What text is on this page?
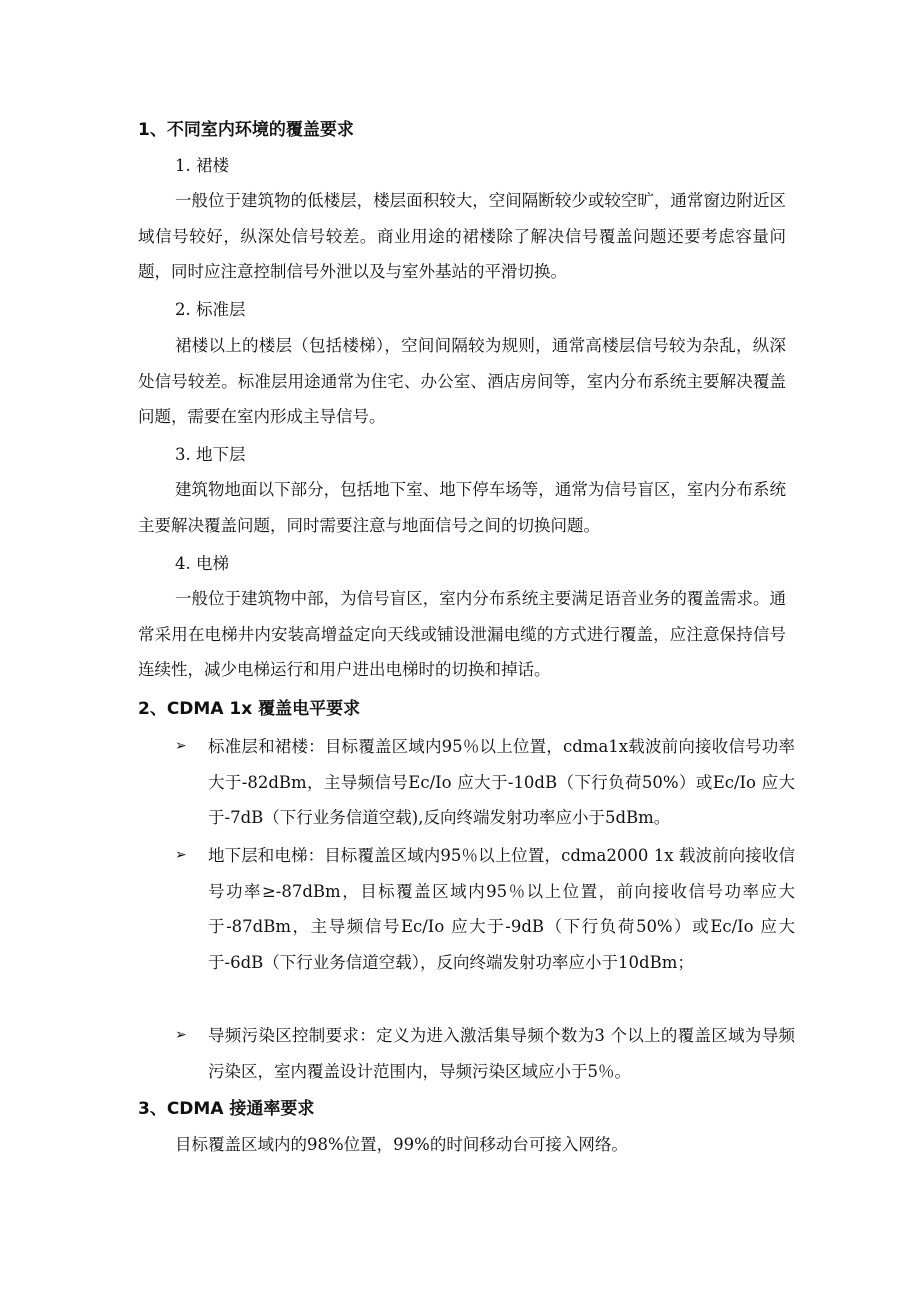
1、不同室内环境的覆盖要求
1. 裙楼

一般位于建筑物的低楼层，楼层面积较大，空间隔断较少或较空旷，通常窗边附近区域信号较好，纵深处信号较差。商业用途的裙楼除了解决信号覆盖问题还要考虑容量问题，同时应注意控制信号外泄以及与室外基站的平滑切换。

2. 标准层

裙楼以上的楼层（包括楼梯），空间间隔较为规则，通常高楼层信号较为杂乱，纵深处信号较差。标准层用途通常为住宅、办公室、酒店房间等，室内分布系统主要解决覆盖问题，需要在室内形成主导信号。

3. 地下层

建筑物地面以下部分，包括地下室、地下停车场等，通常为信号盲区，室内分布系统主要解决覆盖问题，同时需要注意与地面信号之间的切换问题。

4. 电梯

一般位于建筑物中部，为信号盲区，室内分布系统主要满足语音业务的覆盖需求。通常采用在电梯井内安装高增益定向天线或铺设泄漏电缆的方式进行覆盖，应注意保持信号连续性，减少电梯运行和用户进出电梯时的切换和掉话。

2、CDMA 1x 覆盖电平要求
➢ 标准层和裙楼：目标覆盖区域内95％以上位置，cdma1x载波前向接收信号功率大于-82dBm，主导频信号Ec/Io 应大于-10dB（下行负荷50%）或Ec/Io 应大于-7dB（下行业务信道空载),反向终端发射功率应小于5dBm。
➢ 地下层和电梯：目标覆盖区域内95％以上位置，cdma2000 1x 载波前向接收信号功率≥-87dBm，目标覆盖区域内95％以上位置，前向接收信号功率应大于-87dBm，主导频信号Ec/Io 应大于-9dB（下行负荷50%）或Ec/Io 应大于-6dB（下行业务信道空载），反向终端发射功率应小于10dBm；
➢ 导频污染区控制要求：定义为进入激活集导频个数为3 个以上的覆盖区域为导频污染区，室内覆盖设计范围内，导频污染区域应小于5％。
3、CDMA 接通率要求

目标覆盖区域内的98%位置，99%的时间移动台可接入网络。
